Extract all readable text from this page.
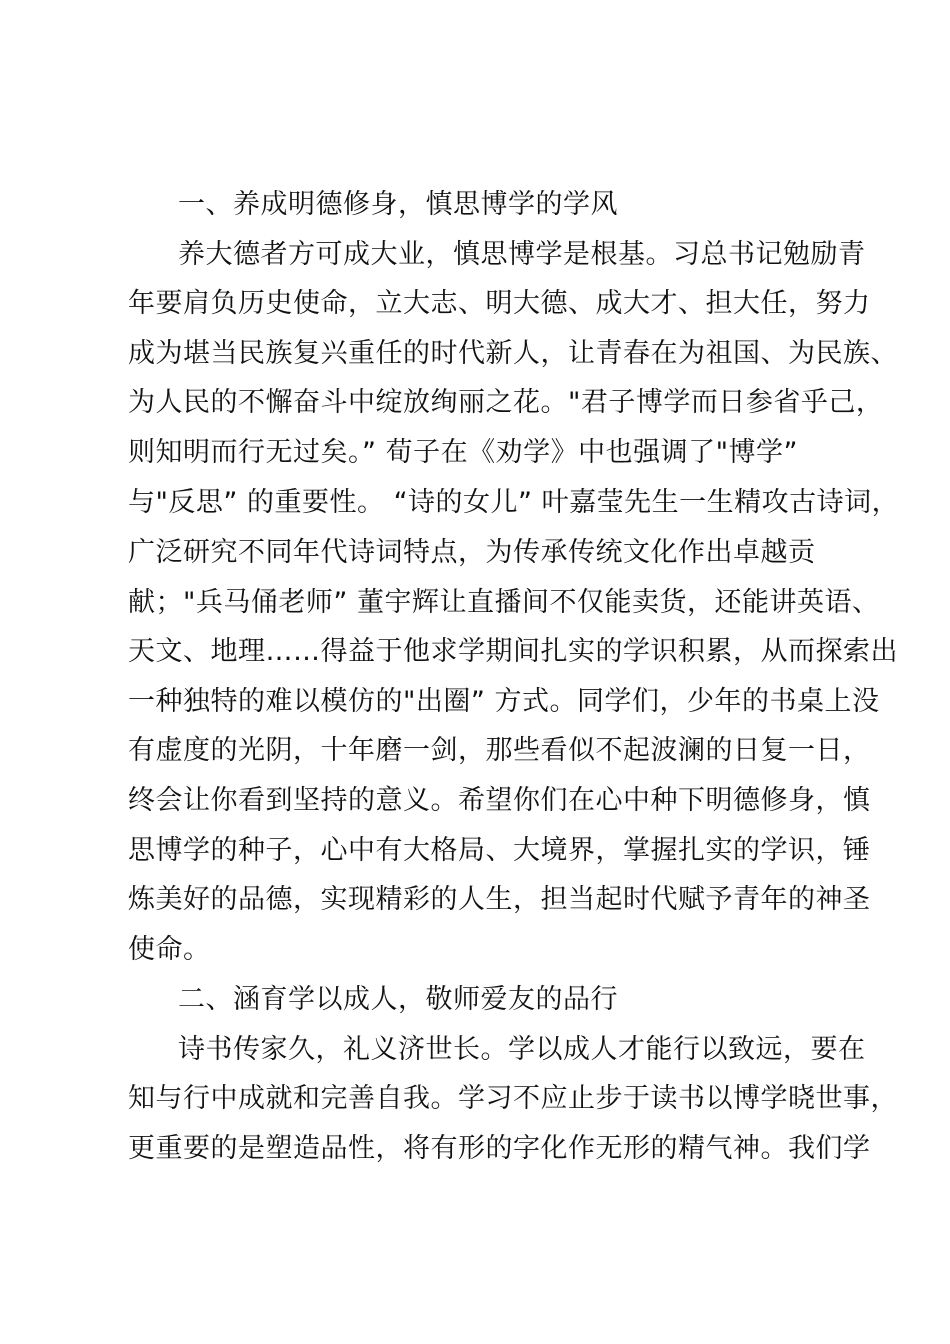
一、养成明德修身，慎思博学的学风
养大德者方可成大业，慎思博学是根基。习总书记勉励青
年要肩负历史使命，立大志、明大德、成大才、担大任，努力
成为堪当民族复兴重任的时代新人，让青春在为祖国、为民族、
为人民的不懈奋斗中绽放绚丽之花。"君子博学而日参省乎己，
则知明而行无过矣。” 荀子在《劝学》中也强调了"博学”
与"反思” 的重要性。 “诗的女儿” 叶嘉莹先生一生精攻古诗词，
广泛研究不同年代诗词特点，为传承传统文化作出卓越贡
献；"兵马俑老师” 董宇辉让直播间不仅能卖货，还能讲英语、
天文、地理……得益于他求学期间扎实的学识积累，从而探索出
一种独特的难以模仿的"出圈” 方式。同学们，少年的书桌上没
有虚度的光阴，十年磨一剑，那些看似不起波澜的日复一日，
终会让你看到坚持的意义。希望你们在心中种下明德修身，慎
思博学的种子，心中有大格局、大境界，掌握扎实的学识，锤
炼美好的品德，实现精彩的人生，担当起时代赋予青年的神圣
使命。
二、涵育学以成人，敬师爱友的品行
诗书传家久，礼义济世长。学以成人才能行以致远，要在
知与行中成就和完善自我。学习不应止步于读书以博学晓世事，
更重要的是塑造品性，将有形的字化作无形的精气神。我们学
